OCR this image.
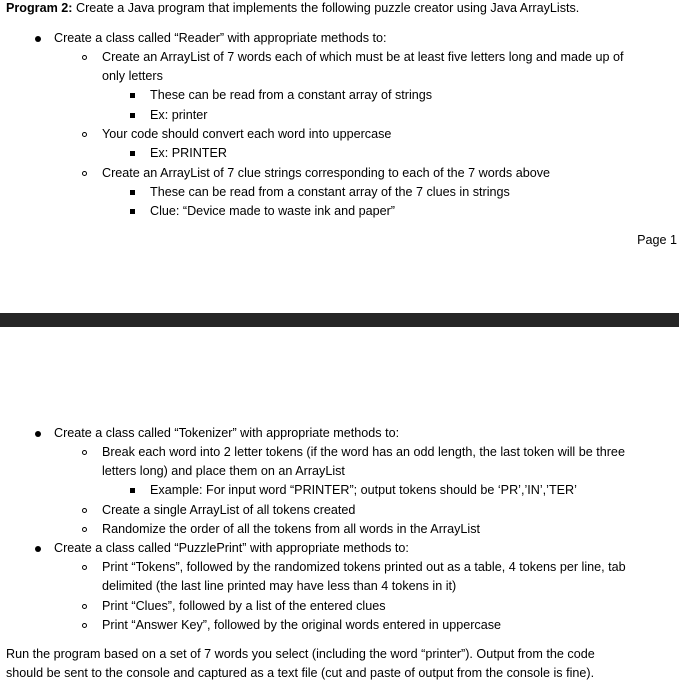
Program 2: Create a Java program that implements the following puzzle creator using Java ArrayLists.
Create a class called “Reader” with appropriate methods to:
Create an ArrayList of 7 words each of which must be at least five letters long and made up of
only letters
These can be read from a constant array of strings
Ex: printer
Your code should convert each word into uppercase
Ex: PRINTER
Create an ArrayList of 7 clue strings corresponding to each of the 7 words above
These can be read from a constant array of the 7 clues in strings
Clue: “Device made to waste ink and paper”
Page 1
Create a class called “Tokenizer” with appropriate methods to:
Break each word into 2 letter tokens (if the word has an odd length, the last token will be three
letters long) and place them on an ArrayList
Example: For input word “PRINTER”; output tokens should be ‘PR’,’IN’,’TER’
Create a single ArrayList of all tokens created
Randomize the order of all the tokens from all words in the ArrayList
Create a class called “PuzzlePrint” with appropriate methods to:
Print “Tokens”, followed by the randomized tokens printed out as a table, 4 tokens per line, tab
delimited (the last line printed may have less than 4 tokens in it)
Print “Clues”, followed by a list of the entered clues
Print “Answer Key”, followed by the original words entered in uppercase
Run the program based on a set of 7 words you select (including the word “printer”). Output from the code
should be sent to the console and captured as a text file (cut and paste of output from the console is fine).
